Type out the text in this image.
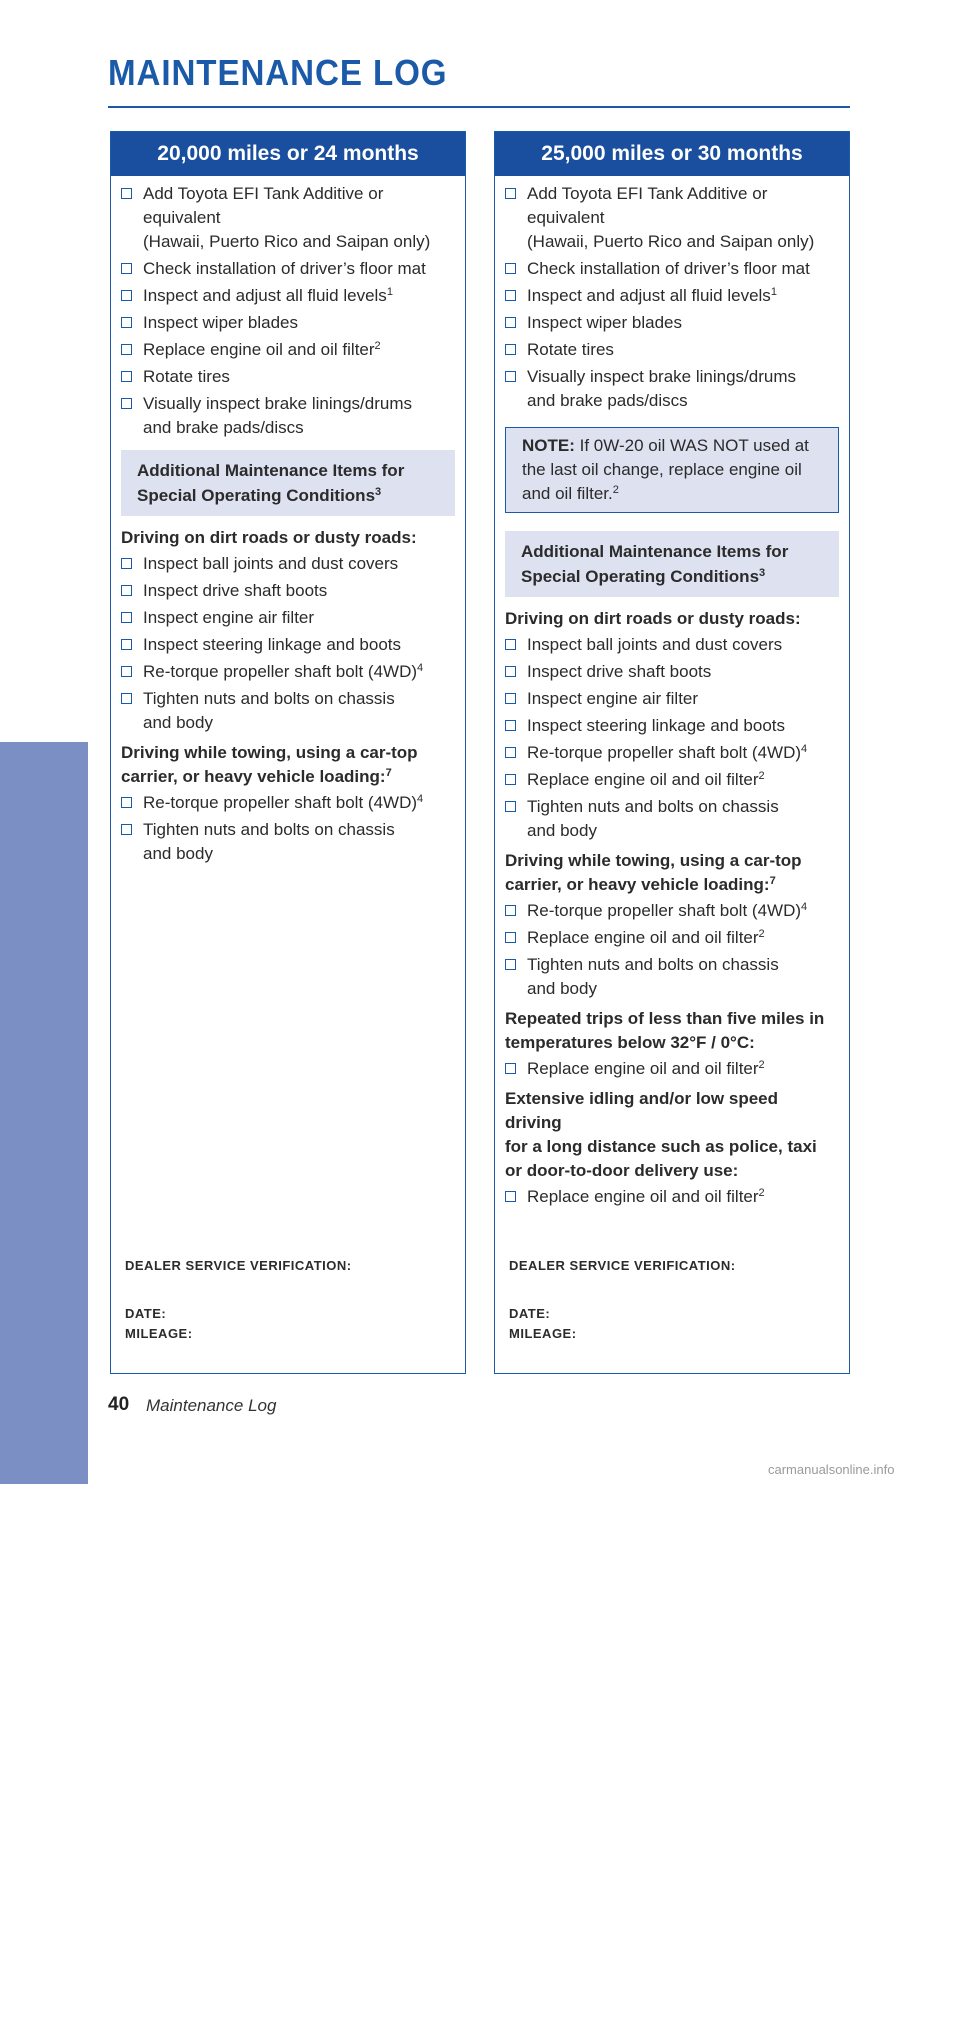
MAINTENANCE LOG
MAINTENANCE
20,000 miles or 24 months
Add Toyota EFI Tank Additive or equivalent
(Hawaii, Puerto Rico and Saipan only)
Check installation of driver’s floor mat
Inspect and adjust all fluid levels$^1$
Inspect wiper blades
Replace engine oil and oil filter$^2$
Rotate tires
Visually inspect brake linings/drums
and brake pads/discs
Additional Maintenance Items for
Special Operating Conditions$^3$
Driving on dirt roads or dusty roads:
Inspect ball joints and dust covers
Inspect drive shaft boots
Inspect engine air filter
Inspect steering linkage and boots
Re-torque propeller shaft bolt $(4WD)^4$
Tighten nuts and bolts on chassis
and body
Driving while towing, using a car-top
carrier, or heavy vehicle loading:$^7$
Re-torque propeller shaft bolt $(4WD)^4$
Tighten nuts and bolts on chassis
and body
DEALER SERVICE VERIFICATION:
DATE:
MILEAGE:
25,000 miles or 30 months
Add Toyota EFI Tank Additive or equivalent
(Hawaii, Puerto Rico and Saipan only)
Check installation of driver’s floor mat
Inspect and adjust all fluid levels$^1$
Inspect wiper blades
Rotate tires
Visually inspect brake linings/drums
and brake pads/discs
NOTE: If 0W-20 oil WAS NOT used at
the last oil change, replace engine oil
and oil filter.$^2$
Additional Maintenance Items for
Special Operating Conditions$^3$
Driving on dirt roads or dusty roads:
Inspect ball joints and dust covers
Inspect drive shaft boots
Inspect engine air filter
Inspect steering linkage and boots
Re-torque propeller shaft bolt $(4WD)^4$
Replace engine oil and oil filter$^2$
Tighten nuts and bolts on chassis
and body
Driving while towing, using a car-top
carrier, or heavy vehicle loading:$^7$
Re-torque propeller shaft bolt $(4WD)^4$
Replace engine oil and oil filter$^2$
Tighten nuts and bolts on chassis
and body
Repeated trips of less than five miles in
temperatures below 32°F / 0°C:
Replace engine oil and oil filter$^2$
Extensive idling and/or low speed driving
for a long distance such as police, taxi
or door-to-door delivery use:
Replace engine oil and oil filter$^2$
DEALER SERVICE VERIFICATION:
DATE:
MILEAGE:
40 Maintenance Log
carmanualsonline.info
